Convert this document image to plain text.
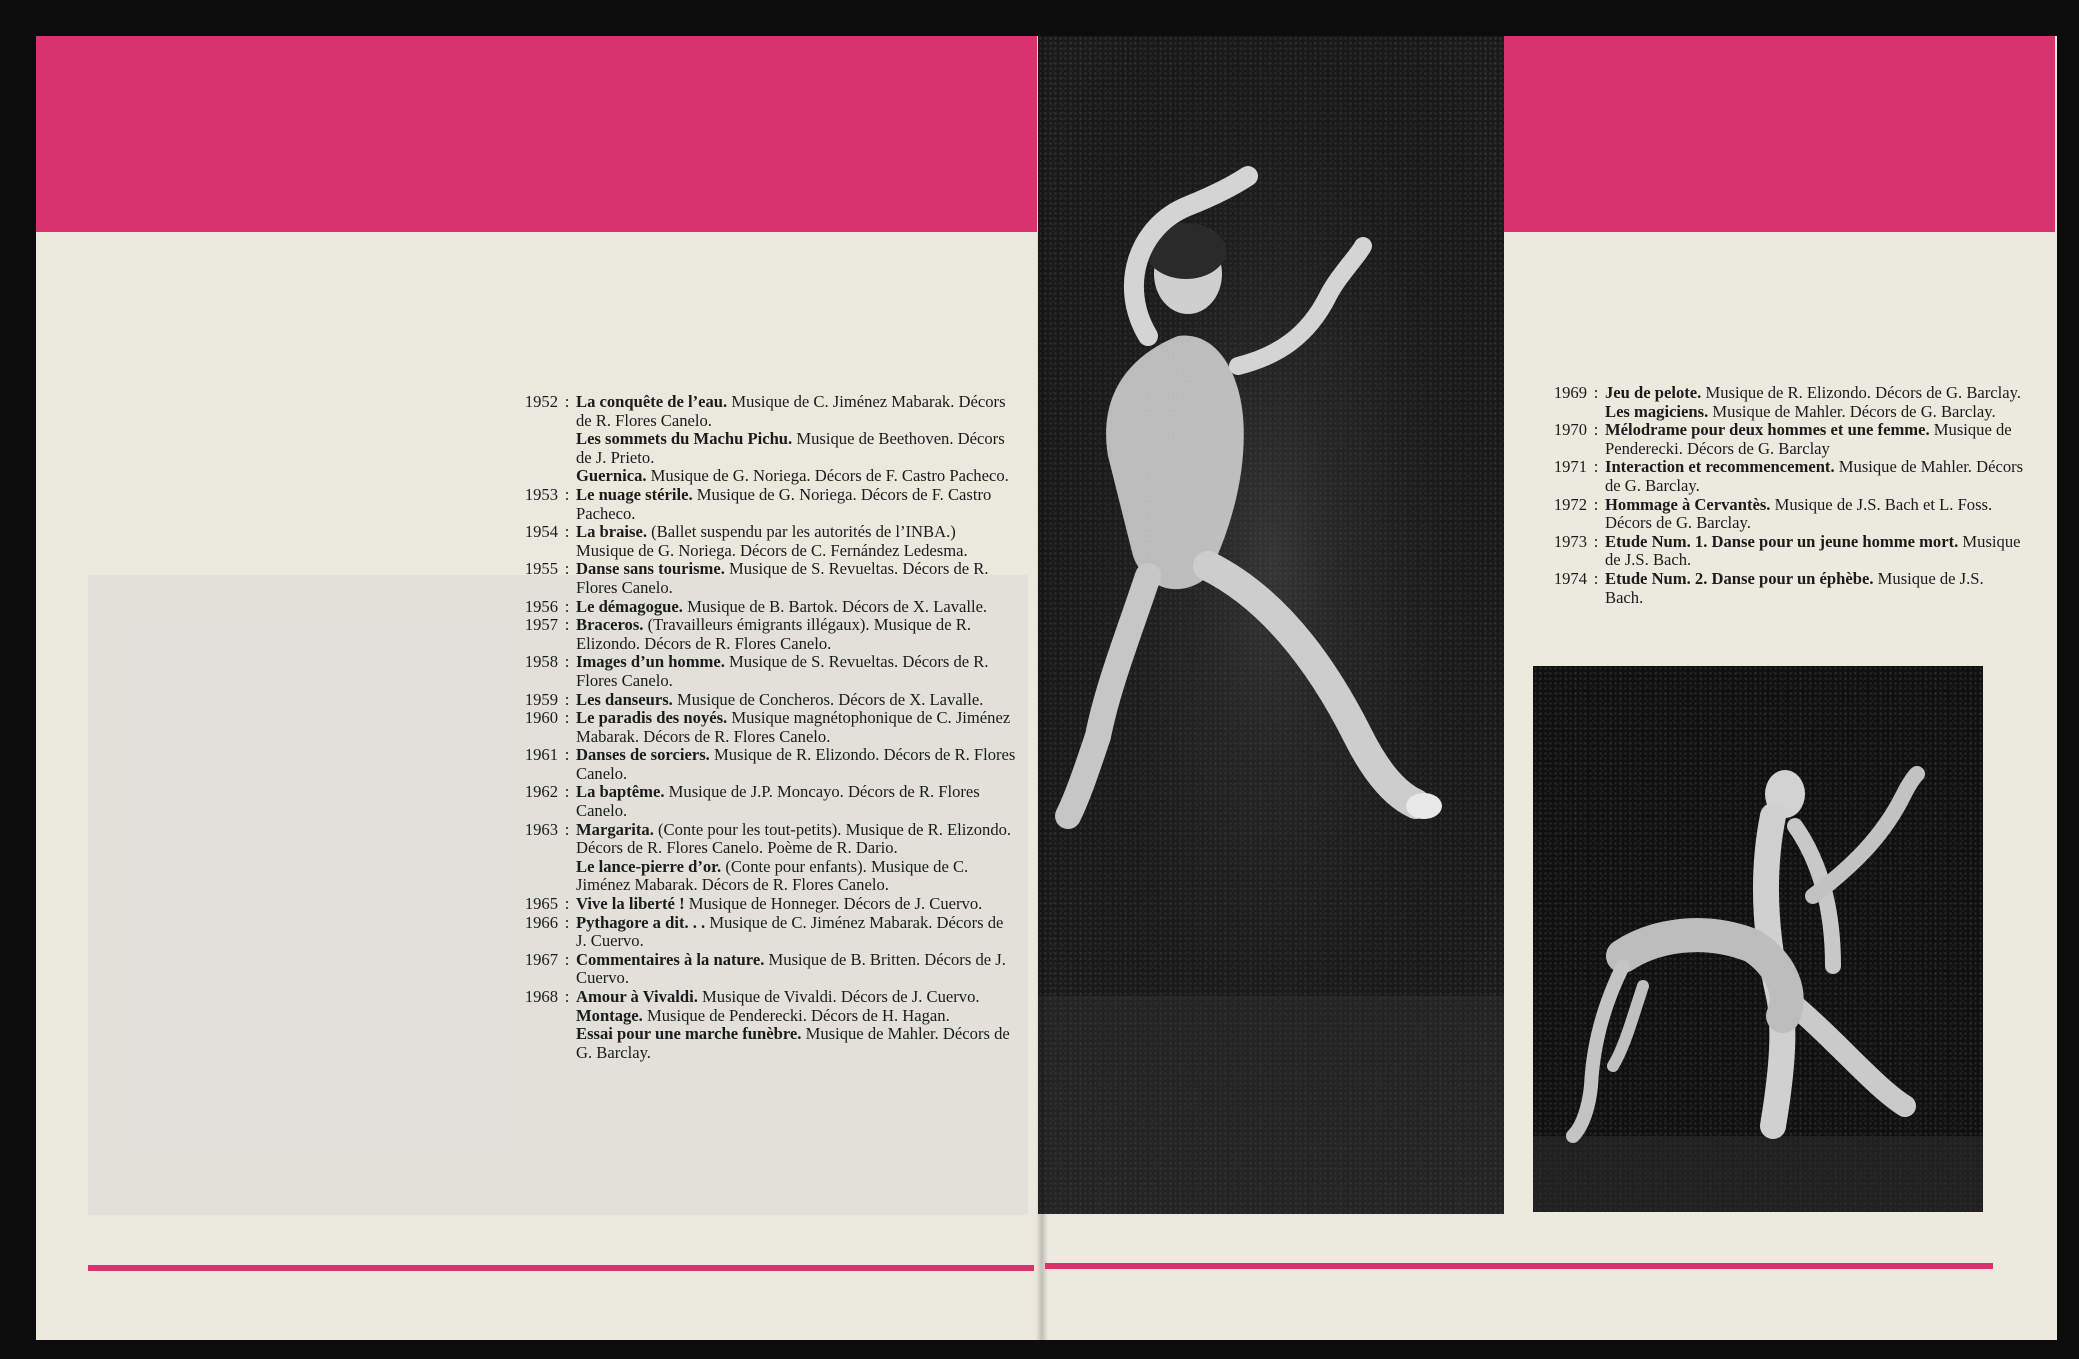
1952 : La conquête de l’eau. Musique de C. Jiménez Mabarak. Décors de R. Flores Canelo.
Les sommets du Machu Pichu. Musique de Beethoven. Décors de J. Prieto.
Guernica. Musique de G. Noriega. Décors de F. Castro Pacheco.
1953 : Le nuage stérile. Musique de G. Noriega. Décors de F. Castro Pacheco.
1954 : La braise. (Ballet suspendu par les autorités de l’INBA.) Musique de G. Noriega. Décors de C. Fernández Ledesma.
1955 : Danse sans tourisme. Musique de S. Revueltas. Décors de R. Flores Canelo.
1956 : Le démagogue. Musique de B. Bartok. Décors de X. Lavalle.
1957 : Braceros. (Travailleurs émigrants illégaux). Musique de R. Elizondo. Décors de R. Flores Canelo.
1958 : Images d’un homme. Musique de S. Revueltas. Décors de R. Flores Canelo.
1959 : Les danseurs. Musique de Concheros. Décors de X. Lavalle.
1960 : Le paradis des noyés. Musique magnétophonique de C. Jiménez Mabarak. Décors de R. Flores Canelo.
1961 : Danses de sorciers. Musique de R. Elizondo. Décors de R. Flores Canelo.
1962 : La baptême. Musique de J.P. Moncayo. Décors de R. Flores Canelo.
1963 : Margarita. (Conte pour les tout-petits). Musique de R. Elizondo. Décors de R. Flores Canelo. Poème de R. Dario.
Le lance-pierre d’or. (Conte pour enfants). Musique de C. Jiménez Mabarak. Décors de R. Flores Canelo.
1965 : Vive la liberté ! Musique de Honneger. Décors de J. Cuervo.
1966 : Pythagore a dit. . . Musique de C. Jiménez Mabarak. Décors de J. Cuervo.
1967 : Commentaires à la nature. Musique de B. Britten. Décors de J. Cuervo.
1968 : Amour à Vivaldi. Musique de Vivaldi. Décors de J. Cuervo.
Montage. Musique de Penderecki. Décors de H. Hagan.
Essai pour une marche funèbre. Musique de Mahler. Décors de G. Barclay.
1969 : Jeu de pelote. Musique de R. Elizondo. Décors de G. Barclay.
Les magiciens. Musique de Mahler. Décors de G. Barclay.
1970 : Mélodrame pour deux hommes et une femme. Musique de Penderecki. Décors de G. Barclay
1971 : Interaction et recommencement. Musique de Mahler. Décors de G. Barclay.
1972 : Hommage à Cervantès. Musique de J.S. Bach et L. Foss. Décors de G. Barclay.
1973 : Etude Num. 1. Danse pour un jeune homme mort. Musique de J.S. Bach.
1974 : Etude Num. 2. Danse pour un éphèbe. Musique de J.S. Bach.
